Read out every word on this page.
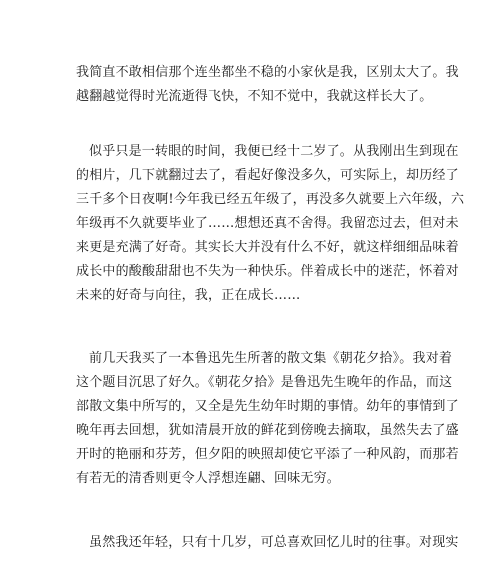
我简直不敢相信那个连坐都坐不稳的小家伙是我，区别太大了。我
越翻越觉得时光流逝得飞快，不知不觉中，我就这样长大了。
似乎只是一转眼的时间，我便已经十二岁了。从我刚出生到现在
的相片，几下就翻过去了，看起好像没多久，可实际上，却历经了
三千多个日夜啊!今年我已经五年级了，再没多久就要上六年级，六
年级再不久就要毕业了……想想还真不舍得。我留恋过去，但对未
来更是充满了好奇。其实长大并没有什么不好，就这样细细品味着
成长中的酸酸甜甜也不失为一种快乐。伴着成长中的迷茫，怀着对
未来的好奇与向往，我，正在成长……
前几天我买了一本鲁迅先生所著的散文集《朝花夕拾》。我对着
这个题目沉思了好久。《朝花夕拾》是鲁迅先生晚年的作品，而这
部散文集中所写的，又全是先生幼年时期的事情。幼年的事情到了
晚年再去回想，犹如清晨开放的鲜花到傍晚去摘取，虽然失去了盛
开时的艳丽和芬芳，但夕阳的映照却使它平添了一种风韵，而那若
有若无的清香则更令人浮想连翩、回味无穷。
虽然我还年轻，只有十几岁，可总喜欢回忆儿时的往事。对现实
